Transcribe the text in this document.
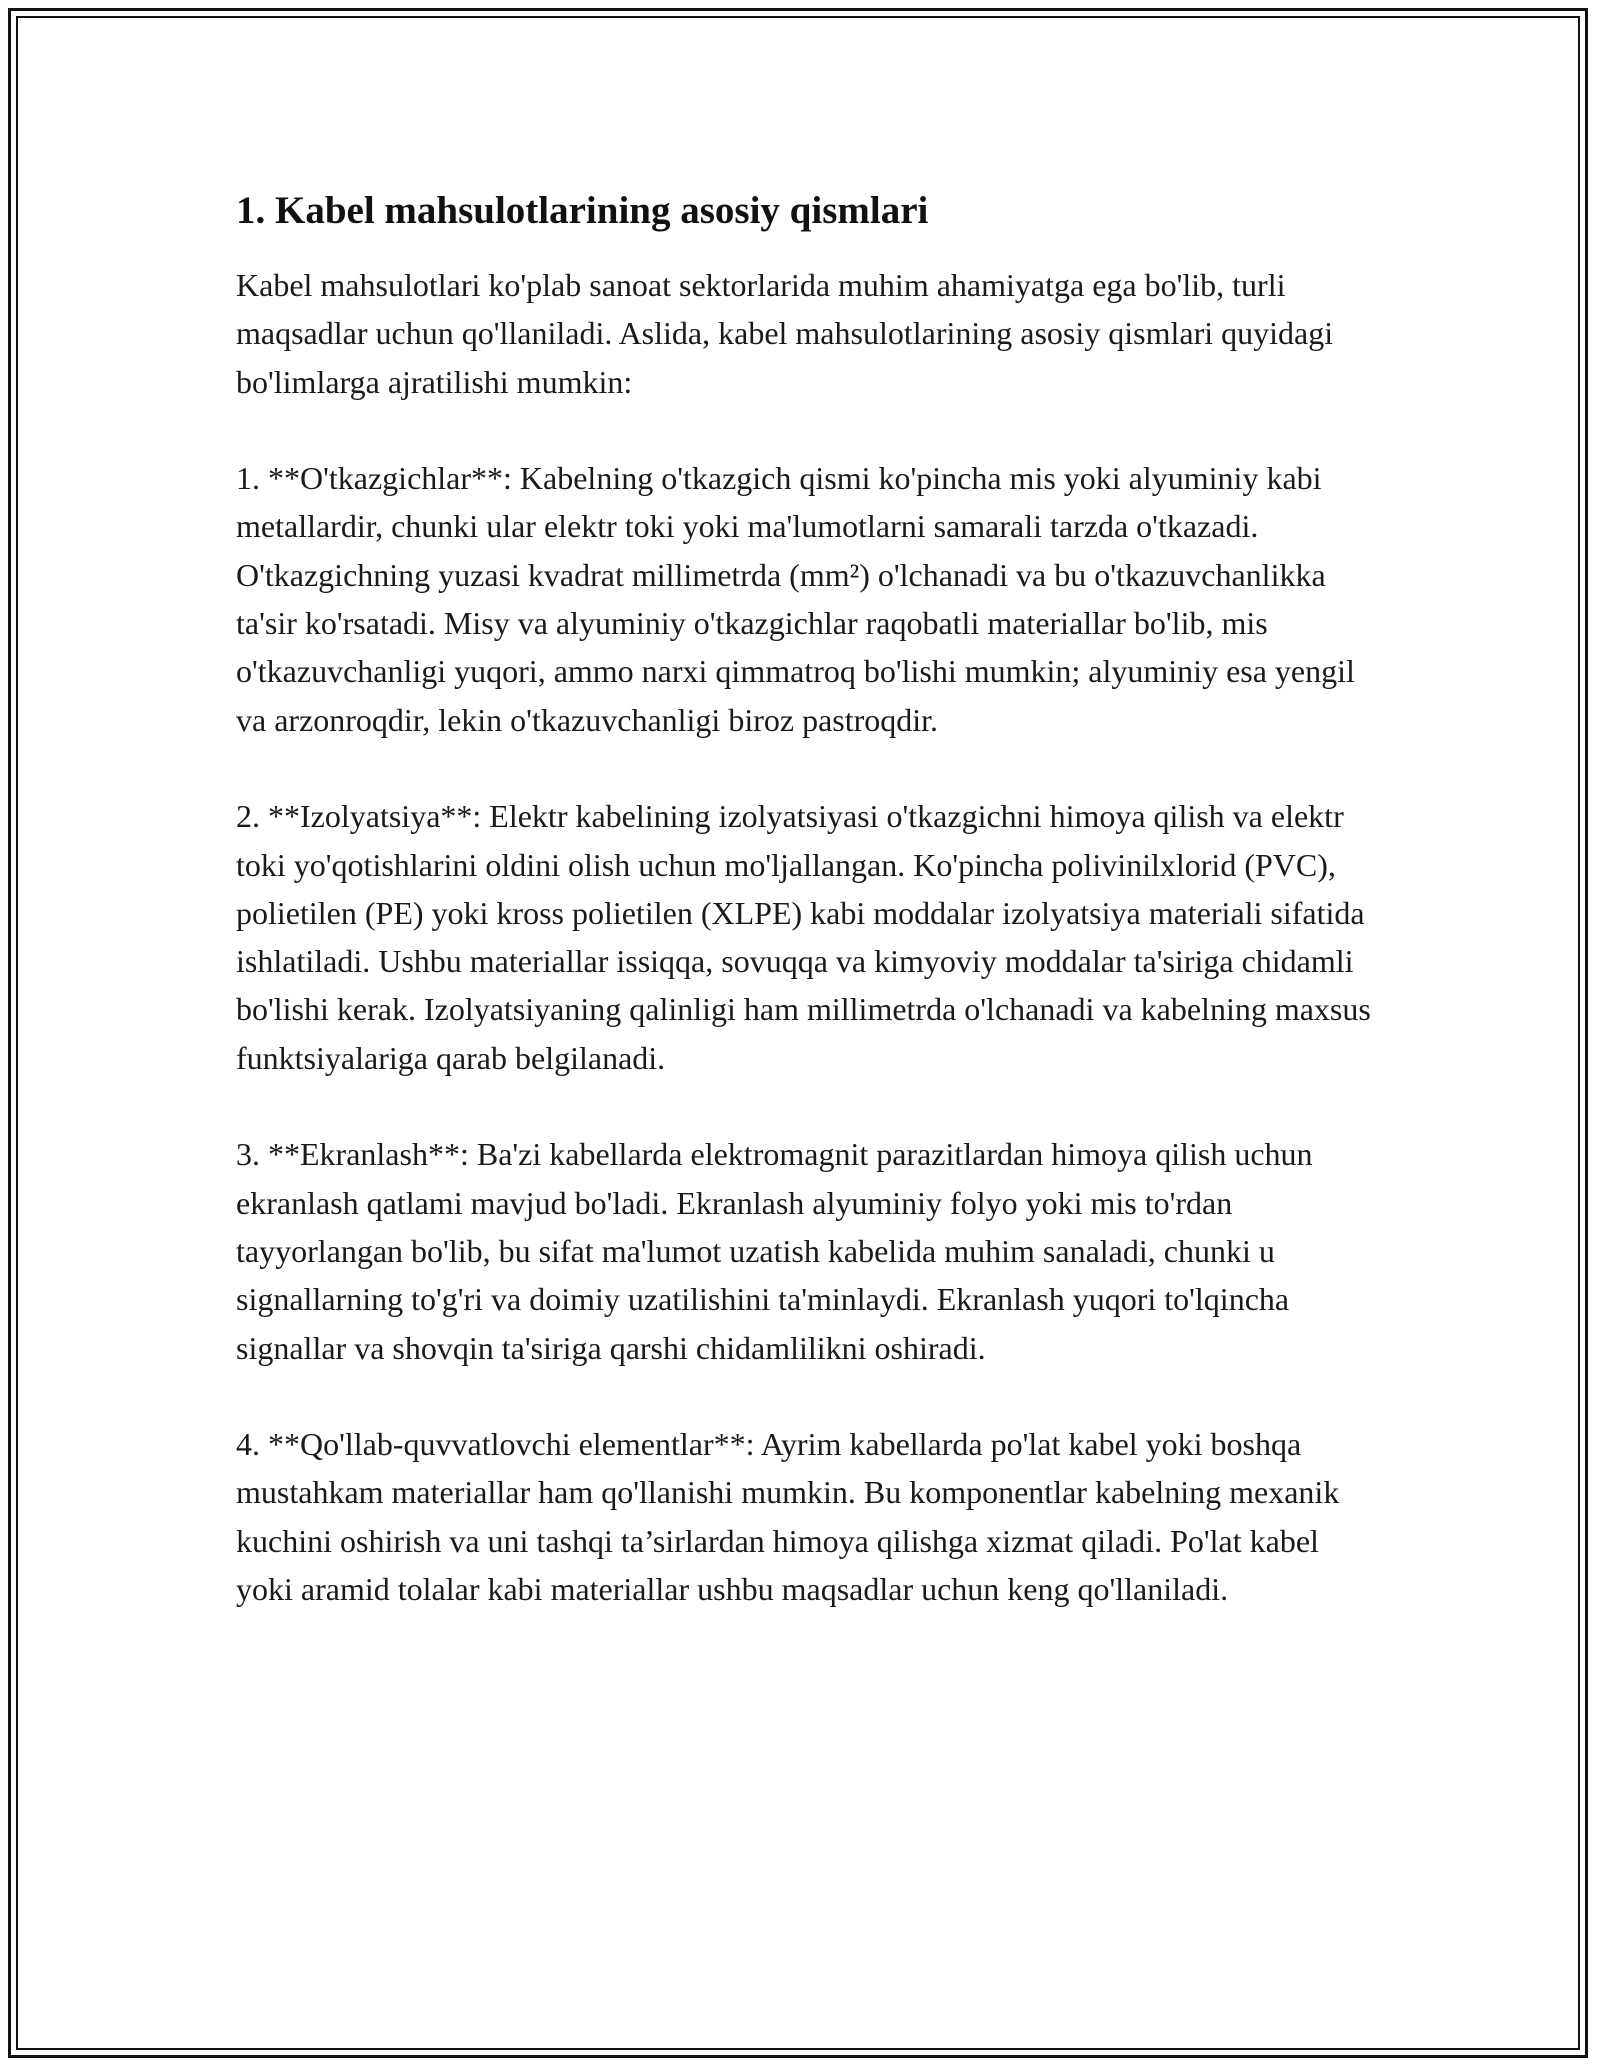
1. Kabel mahsulotlarining asosiy qismlari

Kabel mahsulotlari ko'plab sanoat sektorlarida muhim ahamiyatga ega bo'lib, turli maqsadlar uchun qo'llaniladi. Aslida, kabel mahsulotlarining asosiy qismlari quyidagi bo'limlarga ajratilishi mumkin:

1. **O'tkazgichlar**: Kabelning o'tkazgich qismi ko'pincha mis yoki alyuminiy kabi metallardir, chunki ular elektr toki yoki ma'lumotlarni samarali tarzda o'tkazadi. O'tkazgichning yuzasi kvadrat millimetrda (mm²) o'lchanadi va bu o'tkazuvchanlikka ta'sir ko'rsatadi. Misy va alyuminiy o'tkazgichlar raqobatli materiallar bo'lib, mis o'tkazuvchanligi yuqori, ammo narxi qimmatroq bo'lishi mumkin; alyuminiy esa yengil va arzonroqdir, lekin o'tkazuvchanligi biroz pastroqdir.

2. **Izolyatsiya**: Elektr kabelining izolyatsiyasi o'tkazgichni himoya qilish va elektr toki yo'qotishlarini oldini olish uchun mo'ljallangan. Ko'pincha polivinilxlorid (PVC), polietilen (PE) yoki kross polietilen (XLPE) kabi moddalar izolyatsiya materiali sifatida ishlatiladi. Ushbu materiallar issiqqa, sovuqqa va kimyoviy moddalar ta'siriga chidamli bo'lishi kerak. Izolyatsiyaning qalinligi ham millimetrda o'lchanadi va kabelning maxsus funktsiyalariga qarab belgilanadi.

3. **Ekranlash**: Ba'zi kabellarda elektromagnit parazitlardan himoya qilish uchun ekranlash qatlami mavjud bo'ladi. Ekranlash alyuminiy folyo yoki mis to'rdan tayyorlangan bo'lib, bu sifat ma'lumot uzatish kabelida muhim sanaladi, chunki u signallarning to'g'ri va doimiy uzatilishini ta'minlaydi. Ekranlash yuqori to'lqincha signallar va shovqin ta'siriga qarshi chidamlilikni oshiradi.

4. **Qo'llab-quvvatlovchi elementlar**: Ayrim kabellarda po'lat kabel yoki boshqa mustahkam materiallar ham qo'llanishi mumkin. Bu komponentlar kabelning mexanik kuchini oshirish va uni tashqi ta’sirlardan himoya qilishga xizmat qiladi. Po'lat kabel yoki aramid tolalar kabi materiallar ushbu maqsadlar uchun keng qo'llaniladi.
